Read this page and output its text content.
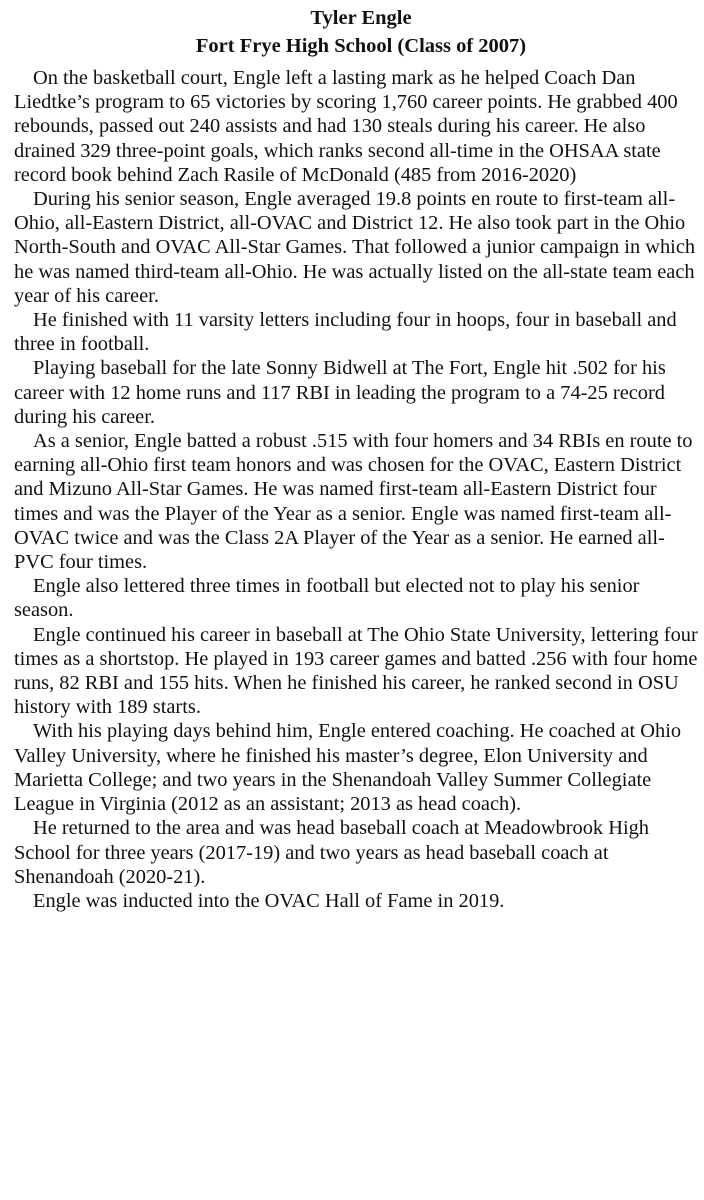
Tyler Engle
Fort Frye High School (Class of 2007)

On the basketball court, Engle left a lasting mark as he helped Coach Dan Liedtke’s program to 65 victories by scoring 1,760 career points. He grabbed 400 rebounds, passed out 240 assists and had 130 steals during his career. He also drained 329 three-point goals, which ranks second all-time in the OHSAA state record book behind Zach Rasile of McDonald (485 from 2016-2020)

During his senior season, Engle averaged 19.8 points en route to first-team all-Ohio, all-Eastern District, all-OVAC and District 12. He also took part in the Ohio North-South and OVAC All-Star Games. That followed a junior campaign in which he was named third-team all-Ohio. He was actually listed on the all-state team each year of his career.

He finished with 11 varsity letters including four in hoops, four in baseball and three in football.

Playing baseball for the late Sonny Bidwell at The Fort, Engle hit .502 for his career with 12 home runs and 117 RBI in leading the program to a 74-25 record during his career.

As a senior, Engle batted a robust .515 with four homers and 34 RBIs en route to earning all-Ohio first team honors and was chosen for the OVAC, Eastern District and Mizuno All-Star Games. He was named first-team all-Eastern District four times and was the Player of the Year as a senior. Engle was named first-team all-OVAC twice and was the Class 2A Player of the Year as a senior. He earned all-PVC four times.

Engle also lettered three times in football but elected not to play his senior season.

Engle continued his career in baseball at The Ohio State University, lettering four times as a shortstop. He played in 193 career games and batted .256 with four home runs, 82 RBI and 155 hits. When he finished his career, he ranked second in OSU history with 189 starts.

With his playing days behind him, Engle entered coaching. He coached at Ohio Valley University, where he finished his master’s degree, Elon University and Marietta College; and two years in the Shenandoah Valley Summer Collegiate League in Virginia (2012 as an assistant; 2013 as head coach).

He returned to the area and was head baseball coach at Meadowbrook High School for three years (2017-19) and two years as head baseball coach at Shenandoah (2020-21).

Engle was inducted into the OVAC Hall of Fame in 2019.
